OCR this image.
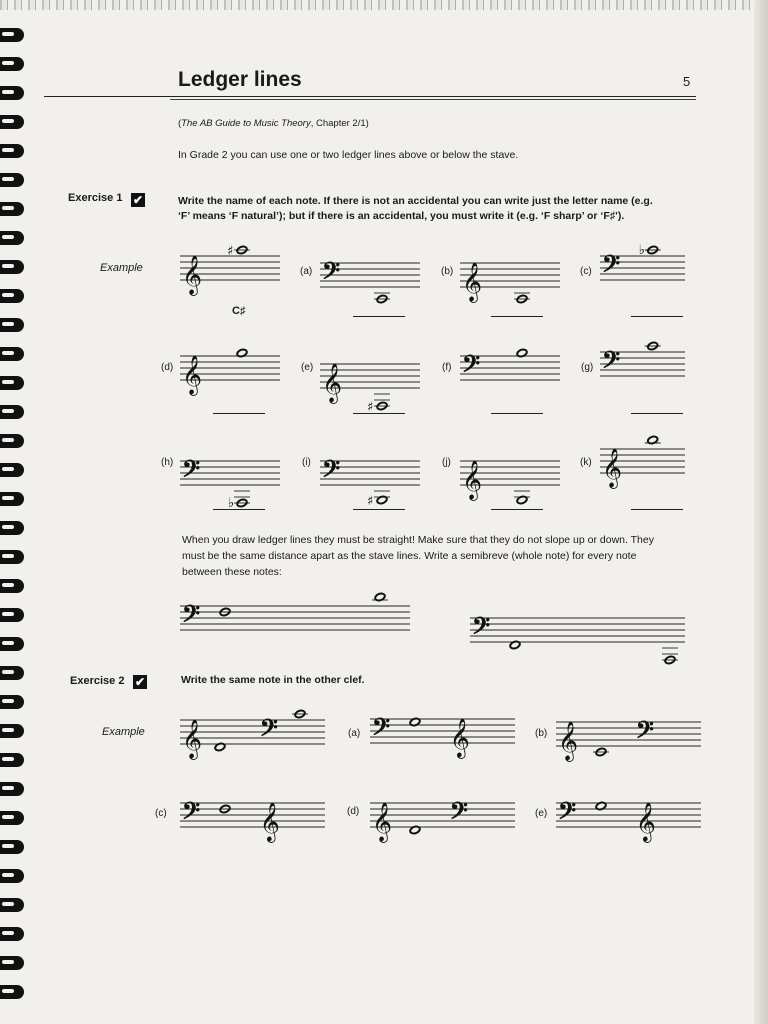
Ledger lines	5
(The AB Guide to Music Theory, Chapter 2/1)
In Grade 2 you can use one or two ledger lines above or below the stave.
Exercise 1 ✔	Write the name of each note. If there is not an accidental you can write just the letter name (e.g.
‘F’ means ‘F natural’); but if there is an accidental, you must write it (e.g. ‘F sharp’ or ‘F♯’).
Example
C♯
(a)	(b)	(c)
(d)	(e)	(f)	(g)
(h)	(i)	(j)	(k)
𝄞
♯
𝄢	𝄞	𝄢 ♭
𝄞	𝄞
♯
𝄢	𝄢
𝄢
♭
𝄢
♯
𝄞	𝄞
When you draw ledger lines they must be straight! Make sure that they do not slope up or down. They
must be the same distance apart as the stave lines. Write a semibreve (whole note) for every note
between these notes:
𝄢	𝄢
Exercise 2 ✔	Write the same note in the other clef.
Example	(a)	(b)
(c)	(d)	(e)
𝄞 𝄢	𝄢 𝄞	𝄞 𝄢
𝄢 𝄞	𝄞 𝄢	𝄢 𝄞
